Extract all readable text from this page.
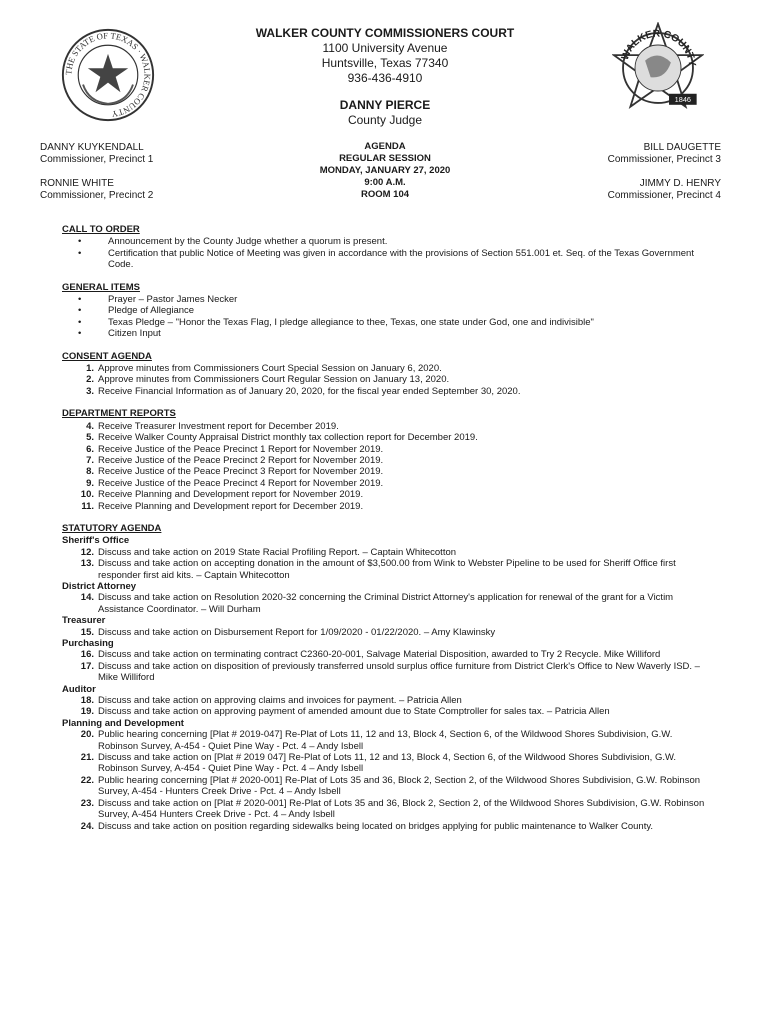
THE STATE OF TEXAS · WALKER COUNTY
WALKER COUNTY
1846
WALKER COUNTY COMMISSIONERS COURT
1100 University Avenue
Huntsville, Texas 77340
936-436-4910
DANNY PIERCE
County Judge
DANNY KUYKENDALL
Commissioner, Precinct 1
RONNIE WHITE
Commissioner, Precinct 2
BILL DAUGETTE
Commissioner, Precinct 3
JIMMY D. HENRY
Commissioner, Precinct 4
AGENDA
REGULAR SESSION
MONDAY, JANUARY 27, 2020
9:00 A.M.
ROOM 104
CALL TO ORDER
• Announcement by the County Judge whether a quorum is present.
• Certification that public Notice of Meeting was given in accordance with the provisions of Section 551.001 et. Seq. of the Texas Government Code.
GENERAL ITEMS
• Prayer – Pastor James Necker
• Pledge of Allegiance
• Texas Pledge – "Honor the Texas Flag, I pledge allegiance to thee, Texas, one state under God, one and indivisible"
• Citizen Input
CONSENT AGENDA
1. Approve minutes from Commissioners Court Special Session on January 6, 2020.
2. Approve minutes from Commissioners Court Regular Session on January 13, 2020.
3. Receive Financial Information as of January 20, 2020, for the fiscal year ended September 30, 2020.
DEPARTMENT REPORTS
4. Receive Treasurer Investment report for December 2019.
5. Receive Walker County Appraisal District monthly tax collection report for December 2019.
6. Receive Justice of the Peace Precinct 1 Report for November 2019.
7. Receive Justice of the Peace Precinct 2 Report for November 2019.
8. Receive Justice of the Peace Precinct 3 Report for November 2019.
9. Receive Justice of the Peace Precinct 4 Report for November 2019.
10. Receive Planning and Development report for November 2019.
11. Receive Planning and Development report for December 2019.
STATUTORY AGENDA
Sheriff's Office
12. Discuss and take action on 2019 State Racial Profiling Report. – Captain Whitecotton
13. Discuss and take action on accepting donation in the amount of $3,500.00 from Wink to Webster Pipeline to be used for Sheriff Office first responder first aid kits. – Captain Whitecotton
District Attorney
14. Discuss and take action on Resolution 2020-32 concerning the Criminal District Attorney's application for renewal of the grant for a Victim Assistance Coordinator. – Will Durham
Treasurer
15. Discuss and take action on Disbursement Report for 1/09/2020 - 01/22/2020. – Amy Klawinsky
Purchasing
16. Discuss and take action on terminating contract C2360-20-001, Salvage Material Disposition, awarded to Try 2 Recycle. Mike Williford
17. Discuss and take action on disposition of previously transferred unsold surplus office furniture from District Clerk's Office to New Waverly ISD. – Mike Williford
Auditor
18. Discuss and take action on approving claims and invoices for payment. – Patricia Allen
19. Discuss and take action on approving payment of amended amount due to State Comptroller for sales tax. – Patricia Allen
Planning and Development
20. Public hearing concerning [Plat # 2019-047] Re-Plat of Lots 11, 12 and 13, Block 4, Section 6, of the Wildwood Shores Subdivision, G.W. Robinson Survey, A-454 - Quiet Pine Way - Pct. 4 – Andy Isbell
21. Discuss and take action on [Plat # 2019 047] Re-Plat of Lots 11, 12 and 13, Block 4, Section 6, of the Wildwood Shores Subdivision, G.W. Robinson Survey, A-454 - Quiet Pine Way - Pct. 4 – Andy Isbell
22. Public hearing concerning [Plat # 2020-001] Re-Plat of Lots 35 and 36, Block 2, Section 2, of the Wildwood Shores Subdivision, G.W. Robinson Survey, A-454 - Hunters Creek Drive - Pct. 4 – Andy Isbell
23. Discuss and take action on [Plat # 2020-001] Re-Plat of Lots 35 and 36, Block 2, Section 2, of the Wildwood Shores Subdivision, G.W. Robinson Survey, A-454 Hunters Creek Drive - Pct. 4 – Andy Isbell
24. Discuss and take action on position regarding sidewalks being located on bridges applying for public maintenance to Walker County.
